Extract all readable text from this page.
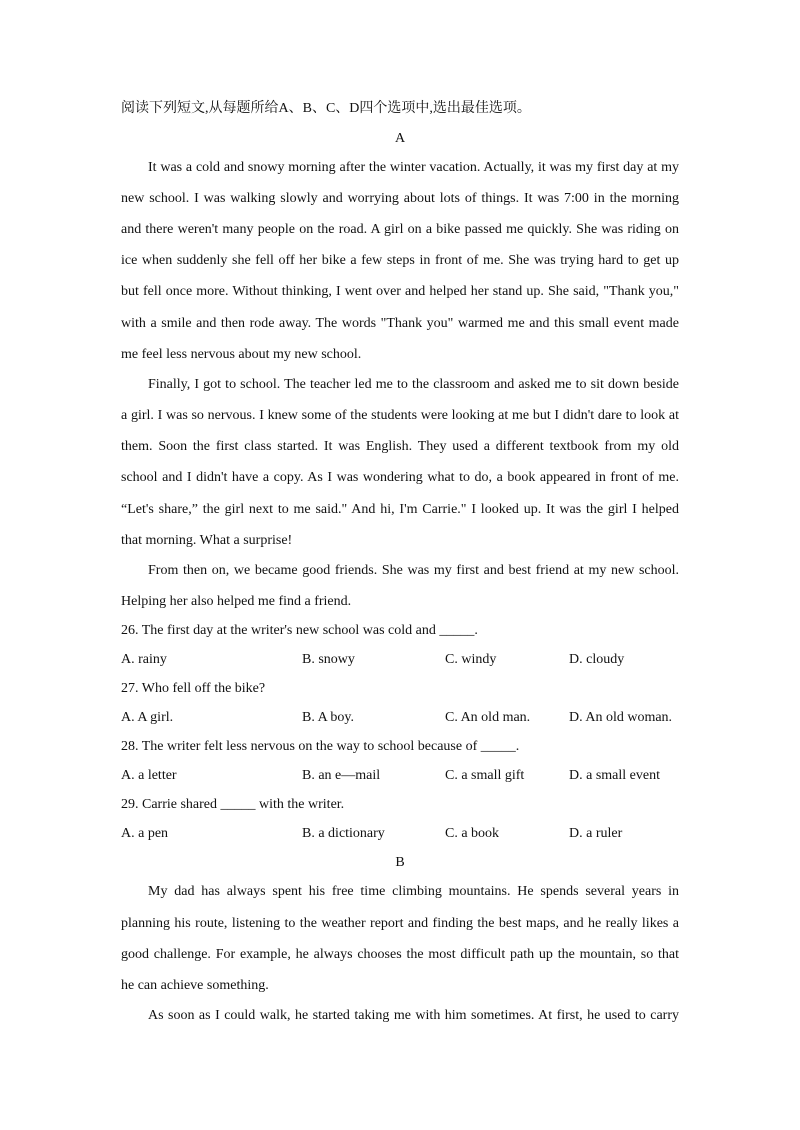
阅读下列短文,从每题所给A、B、C、D四个选项中,选出最佳选项。
A
It was a cold and snowy morning after the winter vacation. Actually, it was my first day at my
new school. I was walking slowly and worrying about lots of things. It was 7:00 in the morning
and there weren't many people on the road. A girl on a bike passed me quickly. She was riding on
ice when suddenly she fell off her bike a few steps in front of me. She was trying hard to get up
but fell once more. Without thinking, I went over and helped her stand up. She said, "Thank you,"
with a smile and then rode away. The words "Thank you" warmed me and this small event made
me feel less nervous about my new school.
Finally, I got to school. The teacher led me to the classroom and asked me to sit down beside
a girl. I was so nervous. I knew some of the students were looking at me but I didn't dare to look at
them. Soon the first class started. It was English. They used a different textbook from my old
school and I didn't have a copy. As I was wondering what to do, a book appeared in front of me.
“Let's share,” the girl next to me said." And hi, I'm Carrie." I looked up. It was the girl I helped
that morning. What a surprise!
From then on, we became good friends. She was my first and best friend at my new school.
Helping her also helped me find a friend.
26. The first day at the writer's new school was cold and _____.
A. rainy	B. snowy	C. windy	D. cloudy
27. Who fell off the bike?
A. A girl.	B. A boy.	C. An old man.	D. An old woman.
28. The writer felt less nervous on the way to school because of _____.
A. a letter	B. an e—mail	C. a small gift	D. a small event
29. Carrie shared _____ with the writer.
A. a pen	B. a dictionary	C. a book	D. a ruler
B
My dad has always spent his free time climbing mountains. He spends several years in
planning his route, listening to the weather report and finding the best maps, and he really likes a
good challenge. For example, he always chooses the most difficult path up the mountain, so that
he can achieve something.
As soon as I could walk, he started taking me with him sometimes. At first, he used to carry
